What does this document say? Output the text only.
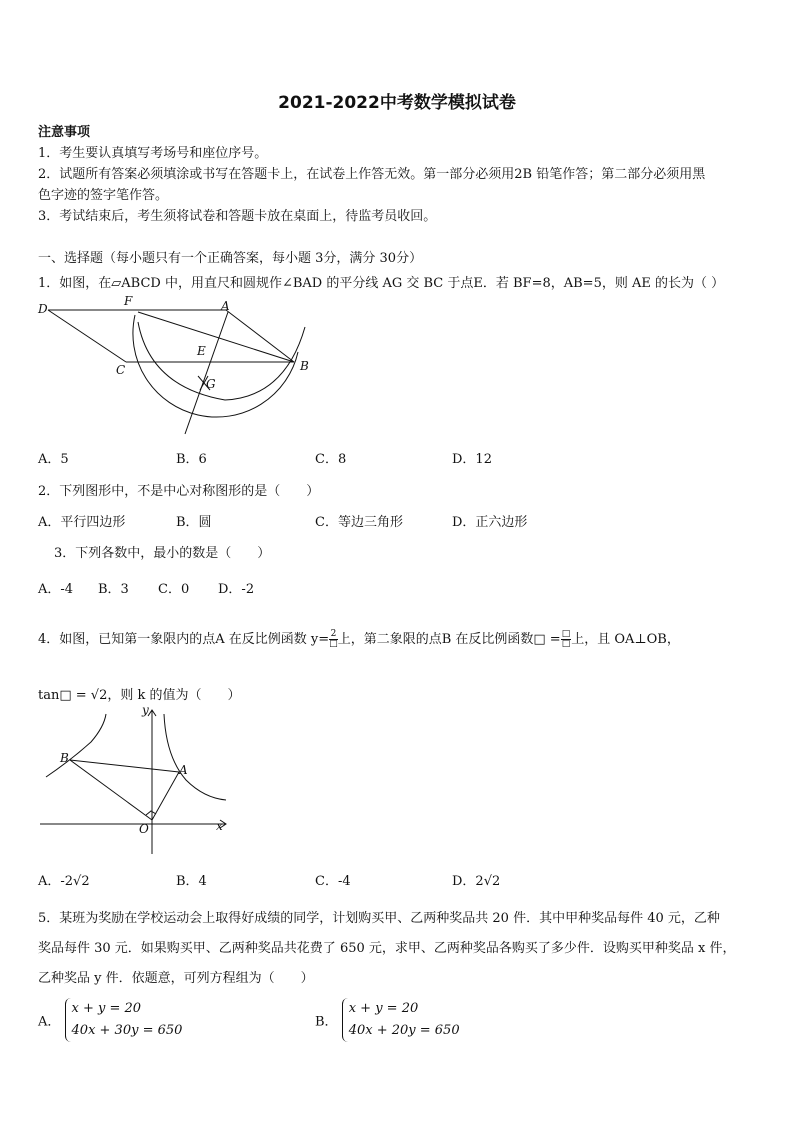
2021-2022中考数学模拟试卷
注意事项
1．考生要认真填写考场号和座位序号。
2．试题所有答案必须填涂或书写在答题卡上，在试卷上作答无效。第一部分必须用2B 铅笔作答；第二部分必须用黑
色字迹的签字笔作答。
3．考试结束后，考生须将试卷和答题卡放在桌面上，待监考员收回。
一、选择题（每小题只有一个正确答案，每小题 3分，满分 30分）
1．如图，在▱ABCD 中，用直尺和圆规作∠BAD 的平分线 AG 交 BC 于点E．若 BF=8，AB=5，则 AE 的长为（ ）
D
F	A
E
C	B
G
A．5	B．6	C．8	D．12
2．下列图形中，不是中心对称图形的是（　　）
A．平行四边形	B．圆	C．等边三角形	D．正六边形
3．下列各数中，最小的数是（　　）
A．-4 B．3 C．0 D．-2
4．如图，已知第一象限内的点A 在反比例函数 $y= \frac{2}{□}$ 上，第二象限的点B 在反比例函数□ = $\frac{□}{□}$ 上，且 OA⊥OB，
tan□ = √2，则 k 的值为（　　）
y
B
A
O	x
A．-2√2	B．4	C．-4	D．2√2
5．某班为奖励在学校运动会上取得好成绩的同学，计划购买甲、乙两种奖品共 20 件．其中甲种奖品每件 40 元，乙种
奖品每件 30 元．如果购买甲、乙两种奖品共花费了 650 元，求甲、乙两种奖品各购买了多少件．设购买甲种奖品 x 件，
乙种奖品 y 件．依题意，可列方程组为（　　）
A．
x + y = 20
40x + 30y = 650
B．
x + y = 20
40x + 20y = 650
